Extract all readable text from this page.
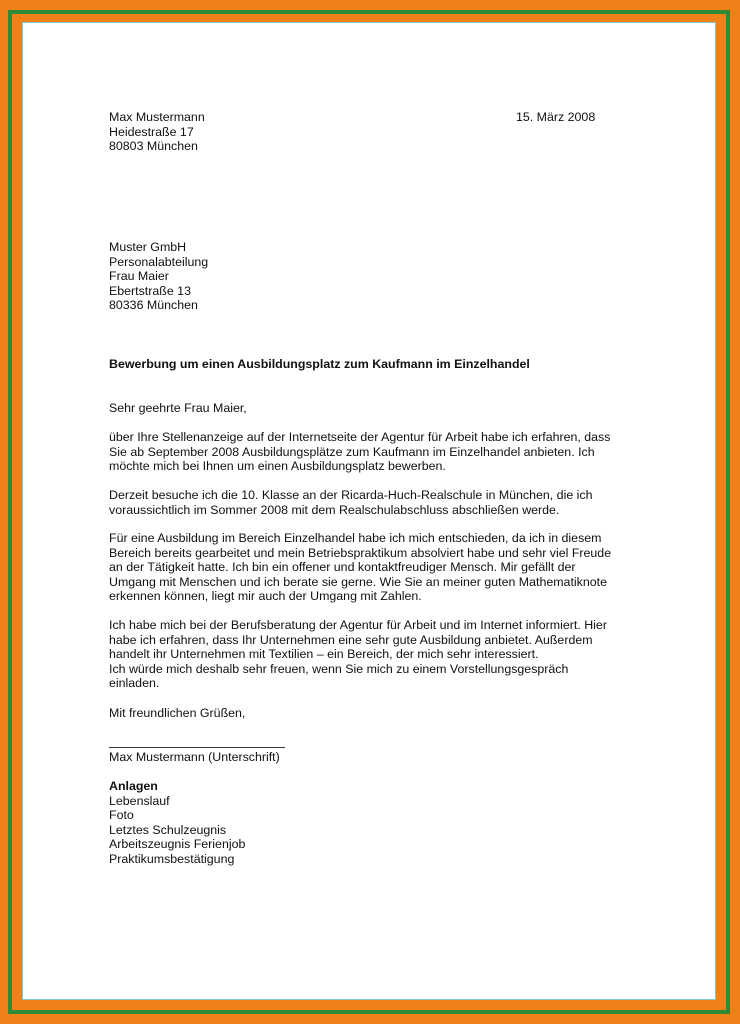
Max Mustermann
Heidestraße 17
80803 München
15. März 2008
Muster GmbH
Personalabteilung
Frau Maier
Ebertstraße 13
80336 München
Bewerbung um einen Ausbildungsplatz zum Kaufmann im Einzelhandel
Sehr geehrte Frau Maier,
über Ihre Stellenanzeige auf der Internetseite der Agentur für Arbeit habe ich erfahren, dass
Sie ab September 2008 Ausbildungsplätze zum Kaufmann im Einzelhandel anbieten. Ich
möchte mich bei Ihnen um einen Ausbildungsplatz bewerben.
Derzeit besuche ich die 10. Klasse an der Ricarda-Huch-Realschule in München, die ich
voraussichtlich im Sommer 2008 mit dem Realschulabschluss abschließen werde.
Für eine Ausbildung im Bereich Einzelhandel habe ich mich entschieden, da ich in diesem
Bereich bereits gearbeitet und mein Betriebspraktikum absolviert habe und sehr viel Freude
an der Tätigkeit hatte. Ich bin ein offener und kontaktfreudiger Mensch. Mir gefällt der
Umgang mit Menschen und ich berate sie gerne. Wie Sie an meiner guten Mathematiknote
erkennen können, liegt mir auch der Umgang mit Zahlen.
Ich habe mich bei der Berufsberatung der Agentur für Arbeit und im Internet informiert. Hier
habe ich erfahren, dass Ihr Unternehmen eine sehr gute Ausbildung anbietet. Außerdem
handelt ihr Unternehmen mit Textilien – ein Bereich, der mich sehr interessiert.
Ich würde mich deshalb sehr freuen, wenn Sie mich zu einem Vorstellungsgespräch
einladen.
Mit freundlichen Grüßen,
Max Mustermann (Unterschrift)
Anlagen
Lebenslauf
Foto
Letztes Schulzeugnis
Arbeitszeugnis Ferienjob
Praktikumsbestätigung
